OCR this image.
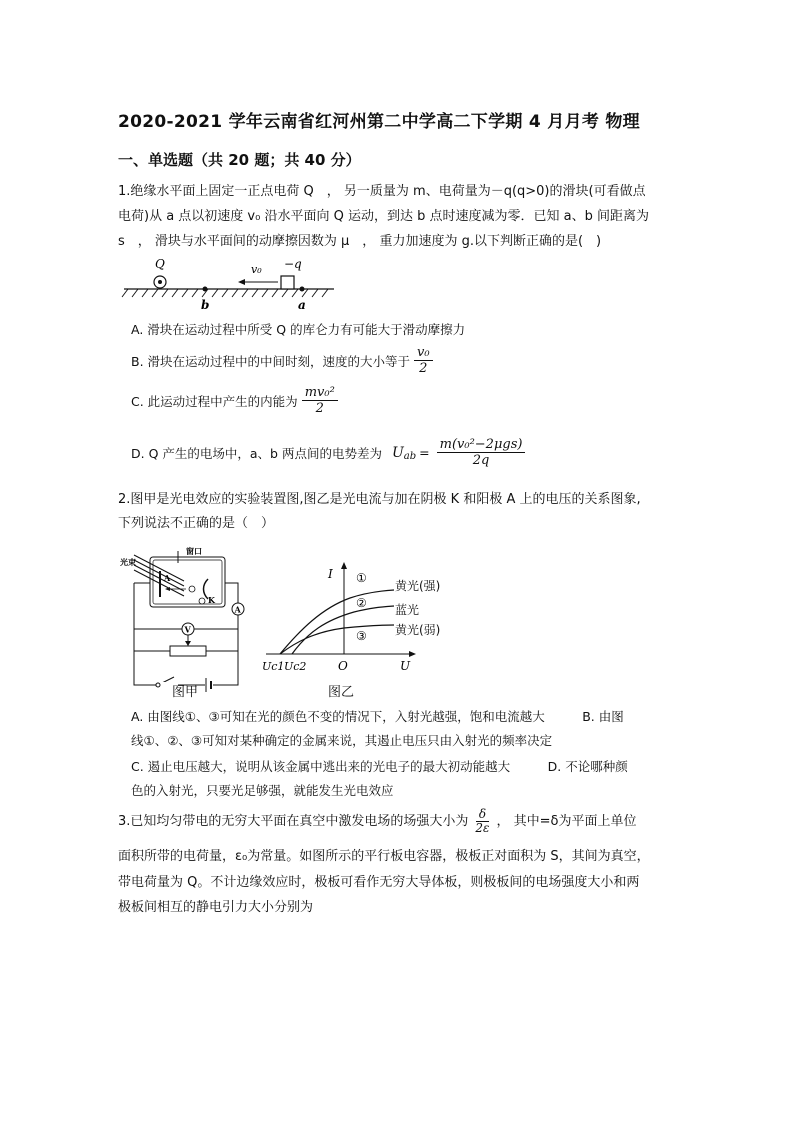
2020-2021 学年云南省红河州第二中学高二下学期 4 月月考 物理
一、单选题（共 20 题；共 40 分）
1.绝缘水平面上固定一正点电荷 Q　， 另一质量为 m、电荷量为－q(q>0)的滑块(可看做点
电荷)从 a 点以初速度 v₀ 沿水平面向 Q 运动，到达 b 点时速度减为零．已知 a、b 间距离为
s　， 滑块与水平面间的动摩擦因数为 μ　， 重力加速度为 g.以下判断正确的是(　)
Q
b	a
−q
v₀
A. 滑块在运动过程中所受 Q 的库仑力有可能大于滑动摩擦力
B. 滑块在运动过程中的中间时刻，速度的大小等于 $\frac{\text{v₀}}{2}$
C. 此运动过程中产生的内能为 $\frac{\text{mv₀²}}{2}$
D. Q 产生的电场中，a、b 两点间的电势差为 $U_{ab} = \frac{\text{m(v₀²−2μgs)}}{2q}$
2.图甲是光电效应的实验装置图,图乙是光电流与加在阴极 K 和阳极 A 上的电压的关系图象,
下列说法不正确的是（　）
光束
窗口
A
K
A
V
图甲
I
U
O
Uc1 Uc2
①
②
③
黄光(强)
蓝光
黄光(弱)
图乙
A. 由图线①、③可知在光的颜色不变的情况下，入射光越强，饱和电流越大　　　B. 由图
线①、②、③可知对某种确定的金属来说，其遏止电压只由入射光的频率决定
C. 遏止电压越大，说明从该金属中逃出来的光电子的最大初动能越大　　　D. 不论哪种颜
色的入射光，只要光足够强，就能发生光电效应
3.已知均匀带电的无穷大平面在真空中激发电场的场强大小为 $\frac{\delta}{2\varepsilon}$ ， 其中=δ为平面上单位
面积所带的电荷量，ε₀为常量。如图所示的平行板电容器，极板正对面积为 S，其间为真空，
带电荷量为 Q。不计边缘效应时，极板可看作无穷大导体板，则极板间的电场强度大小和两
极板间相互的静电引力大小分别为
